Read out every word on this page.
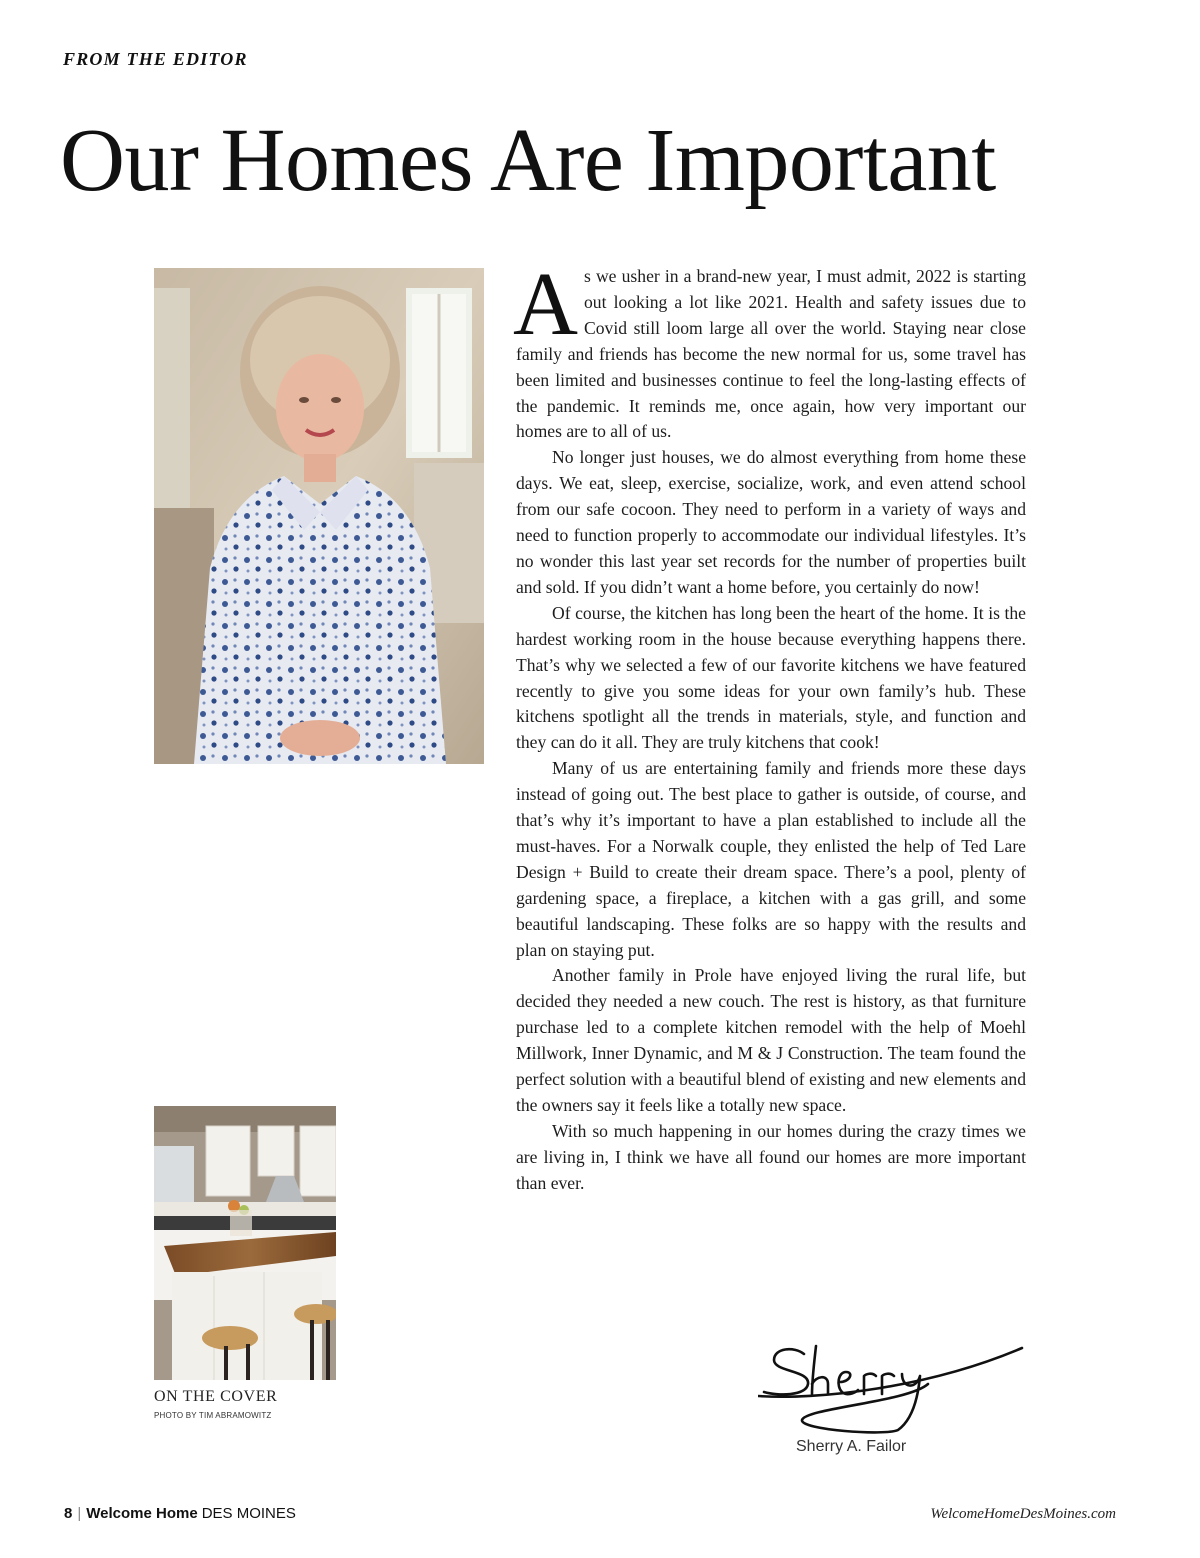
FROM THE EDITOR
Our Homes Are Important

As we usher in a brand-new year, I must admit, 2022 is starting out looking a lot like 2021. Health and safety issues due to Covid still loom large all over the world. Staying near close family and friends has become the new normal for us, some travel has been limited and businesses continue to feel the long-lasting effects of the pandemic. It reminds me, once again, how very important our homes are to all of us.

No longer just houses, we do almost everything from home these days. We eat, sleep, exercise, socialize, work, and even attend school from our safe cocoon. They need to perform in a variety of ways and need to function properly to accommodate our individual lifestyles. It’s no wonder this last year set records for the number of properties built and sold. If you didn’t want a home before, you certainly do now!

Of course, the kitchen has long been the heart of the home. It is the hardest working room in the house because everything happens there. That’s why we selected a few of our favorite kitchens we have featured recently to give you some ideas for your own family’s hub. These kitchens spotlight all the trends in materials, style, and function and they can do it all. They are truly kitchens that cook!

Many of us are entertaining family and friends more these days instead of going out. The best place to gather is outside, of course, and that’s why it’s important to have a plan established to include all the must-haves. For a Norwalk couple, they enlisted the help of Ted Lare Design + Build to create their dream space. There’s a pool, plenty of gardening space, a fireplace, a kitchen with a gas grill, and some beautiful landscaping. These folks are so happy with the results and plan on staying put.

Another family in Prole have enjoyed living the rural life, but decided they needed a new couch. The rest is history, as that furniture purchase led to a complete kitchen remodel with the help of Moehl Millwork, Inner Dynamic, and M & J Construction. The team found the perfect solution with a beautiful blend of existing and new elements and the owners say it feels like a totally new space.

With so much happening in our homes during the crazy times we are living in, I think we have all found our homes are more important than ever.

ON THE COVER
PHOTO BY TIM ABRAMOWITZ
Sherry A. Failor
8 | Welcome Home DES MOINES	WelcomeHomeDesMoines.com
